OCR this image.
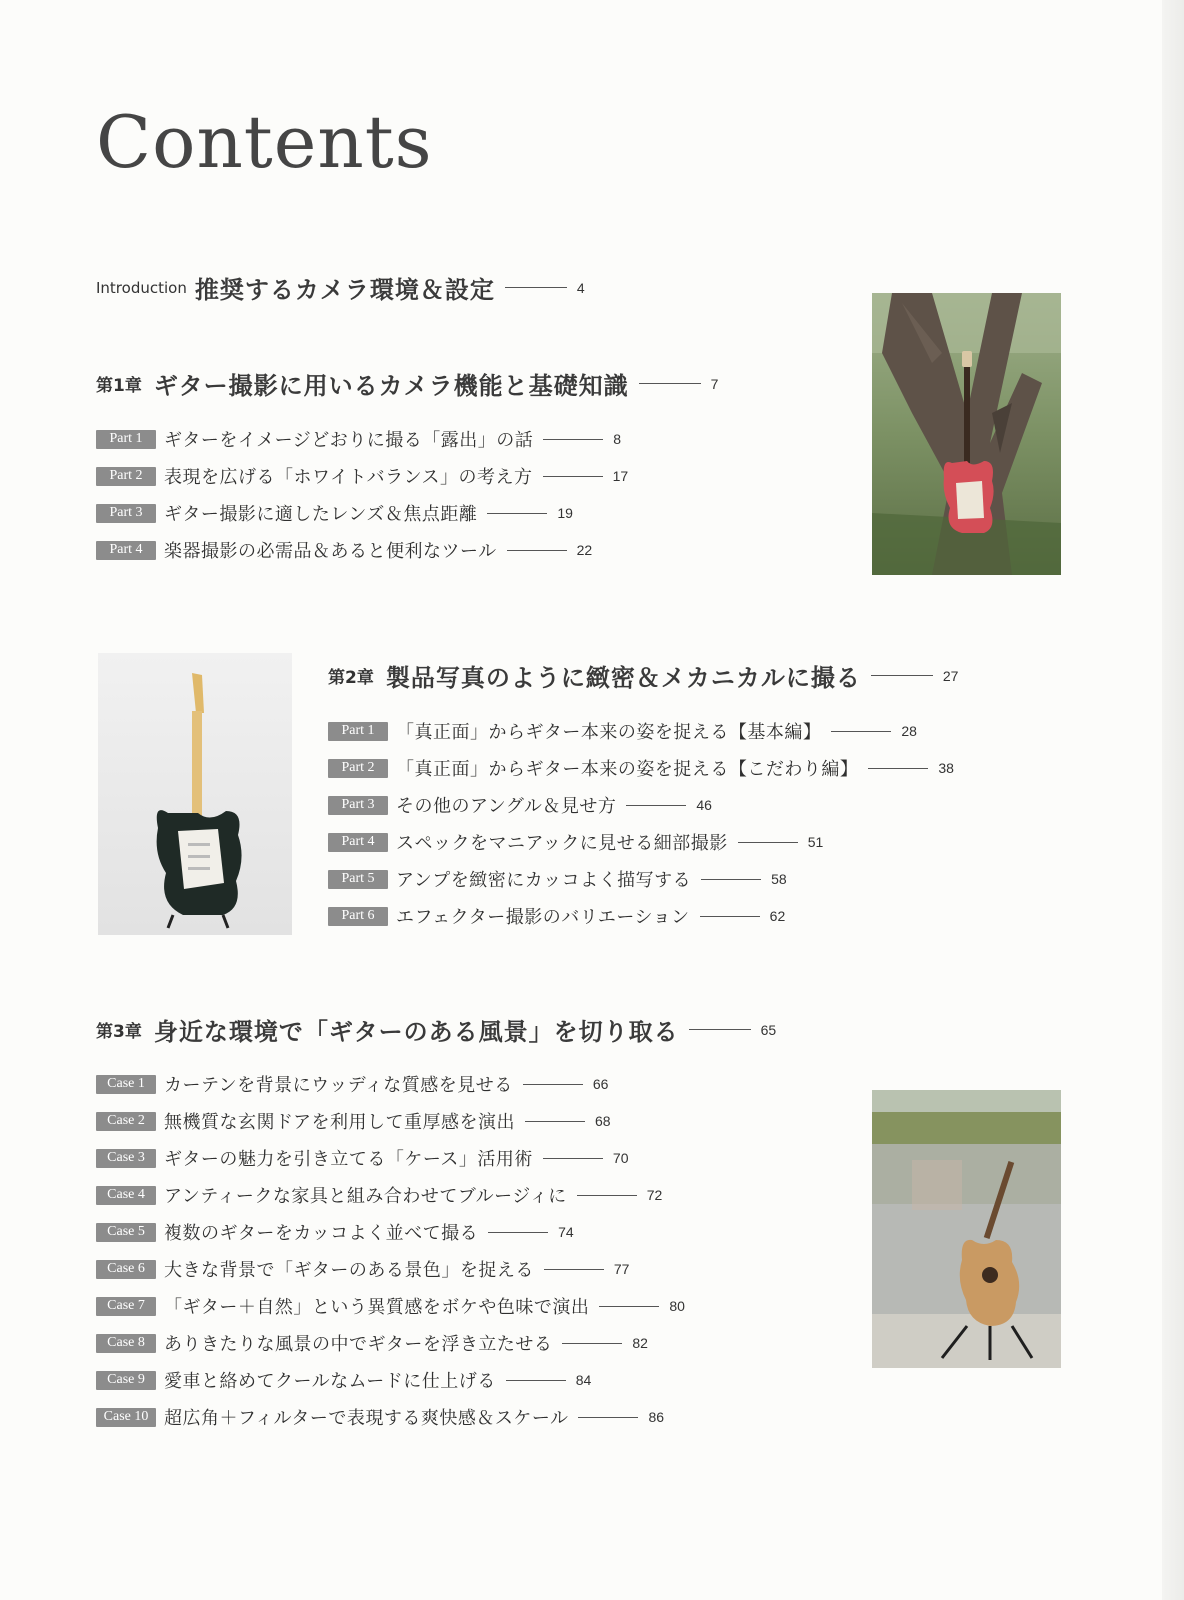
Contents
Introduction 推奨するカメラ環境＆設定	4
第1章 ギター撮影に用いるカメラ機能と基礎知識	7
Part 1	ギターをイメージどおりに撮る「露出」の話	8
Part 2	表現を広げる「ホワイトバランス」の考え方	17
Part 3	ギター撮影に適したレンズ＆焦点距離	19
Part 4	楽器撮影の必需品＆あると便利なツール	22
第2章 製品写真のように緻密＆メカニカルに撮る	27
Part 1	「真正面」からギター本来の姿を捉える【基本編】	28
Part 2	「真正面」からギター本来の姿を捉える【こだわり編】	38
Part 3	その他のアングル＆見せ方	46
Part 4	スペックをマニアックに見せる細部撮影	51
Part 5	アンプを緻密にカッコよく描写する	58
Part 6	エフェクター撮影のバリエーション	62
第3章 身近な環境で「ギターのある風景」を切り取る	65
Case 1	カーテンを背景にウッディな質感を見せる	66
Case 2	無機質な玄関ドアを利用して重厚感を演出	68
Case 3	ギターの魅力を引き立てる「ケース」活用術	70
Case 4	アンティークな家具と組み合わせてブルージィに	72
Case 5	複数のギターをカッコよく並べて撮る	74
Case 6	大きな背景で「ギターのある景色」を捉える	77
Case 7	「ギター＋自然」という異質感をボケや色味で演出	80
Case 8	ありきたりな風景の中でギターを浮き立たせる	82
Case 9	愛車と絡めてクールなムードに仕上げる	84
Case 10 超広角＋フィルターで表現する爽快感＆スケール	86
